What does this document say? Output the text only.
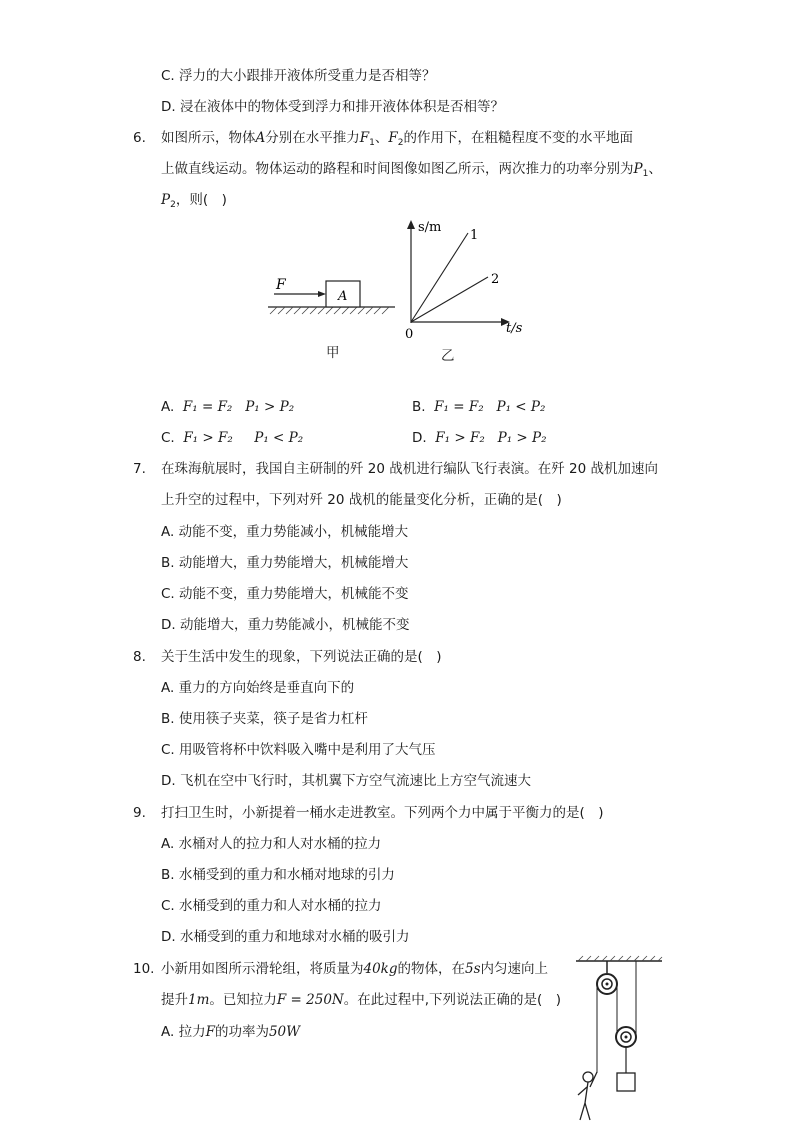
C. 浮力的大小跟排开液体所受重力是否相等？
D. 浸在液体中的物体受到浮力和排开液体体积是否相等？
6. 如图所示，物体A分别在水平推力$F_1$、$F_2$的作用下，在粗糙程度不变的水平地面
上做直线运动。物体运动的路程和时间图像如图乙所示，两次推力的功率分别为$P_1$、
$P_2$，则(　)
A
F
s/m
t/s
0
1
2
甲	乙
A. F₁ = F₂ P₁ > P₂	B. F₁ = F₂ P₁ < P₂
C. F₁ > F₂ P₁ < P₂	D. F₁ > F₂ P₁ > P₂
7. 在珠海航展时，我国自主研制的歼 20 战机进行编队飞行表演。在歼 20 战机加速向
上升空的过程中，下列对歼 20 战机的能量变化分析，正确的是(　)
A. 动能不变，重力势能减小，机械能增大
B. 动能增大，重力势能增大，机械能增大
C. 动能不变，重力势能增大，机械能不变
D. 动能增大，重力势能减小，机械能不变
8. 关于生活中发生的现象，下列说法正确的是(　)
A. 重力的方向始终是垂直向下的
B. 使用筷子夹菜，筷子是省力杠杆
C. 用吸管将杯中饮料吸入嘴中是利用了大气压
D. 飞机在空中飞行时，其机翼下方空气流速比上方空气流速大
9. 打扫卫生时，小新提着一桶水走进教室。下列两个力中属于平衡力的是(　)
A. 水桶对人的拉力和人对水桶的拉力
B. 水桶受到的重力和水桶对地球的引力
C. 水桶受到的重力和人对水桶的拉力
D. 水桶受到的重力和地球对水桶的吸引力
10. 小新用如图所示滑轮组，将质量为40kg的物体，在5s内匀速向上
提升1m。已知拉力F = 250N。在此过程中,下列说法正确的是(　)
A. 拉力F的功率为50W
